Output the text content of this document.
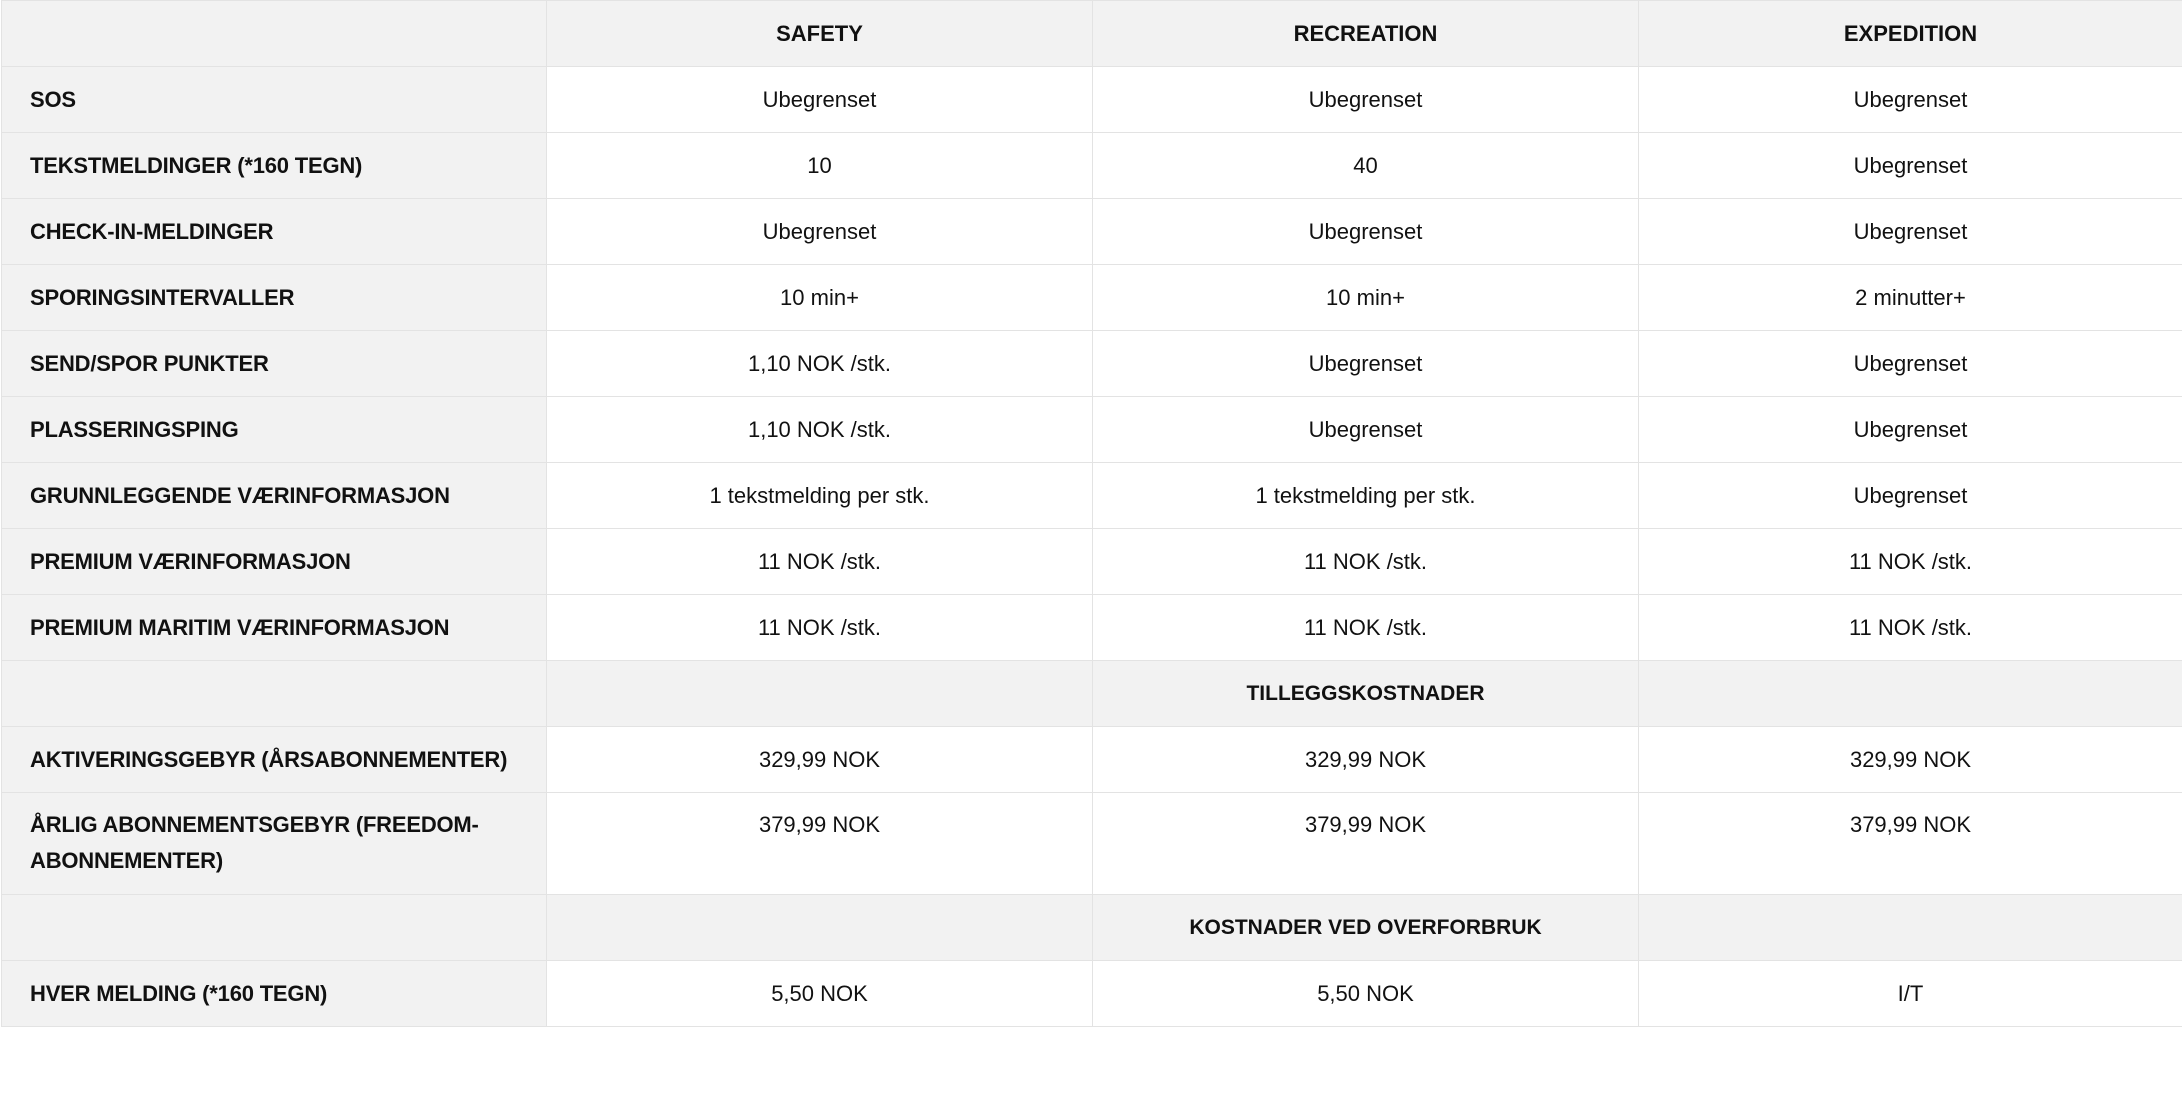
	SAFETY	RECREATION	EXPEDITION
SOS	Ubegrenset	Ubegrenset	Ubegrenset
TEKSTMELDINGER (*160 TEGN)	10	40	Ubegrenset
CHECK-IN-MELDINGER	Ubegrenset	Ubegrenset	Ubegrenset
SPORINGSINTERVALLER	10 min+	10 min+	2 minutter+
SEND/SPOR PUNKTER	1,10 NOK /stk.	Ubegrenset	Ubegrenset
PLASSERINGSPING	1,10 NOK /stk.	Ubegrenset	Ubegrenset
GRUNNLEGGENDE VÆRINFORMASJON	1 tekstmelding per stk.	1 tekstmelding per stk.	Ubegrenset
PREMIUM VÆRINFORMASJON	11 NOK /stk.	11 NOK /stk.	11 NOK /stk.
PREMIUM MARITIM VÆRINFORMASJON	11 NOK /stk.	11 NOK /stk.	11 NOK /stk.
		TILLEGGSKOSTNADER	
AKTIVERINGSGEBYR (ÅRSABONNEMENTER)	329,99 NOK	329,99 NOK	329,99 NOK
ÅRLIG ABONNEMENTSGEBYR (FREEDOM-ABONNEMENTER)	379,99 NOK	379,99 NOK	379,99 NOK
		KOSTNADER VED OVERFORBRUK	
HVER MELDING (*160 TEGN)	5,50 NOK	5,50 NOK	I/T
